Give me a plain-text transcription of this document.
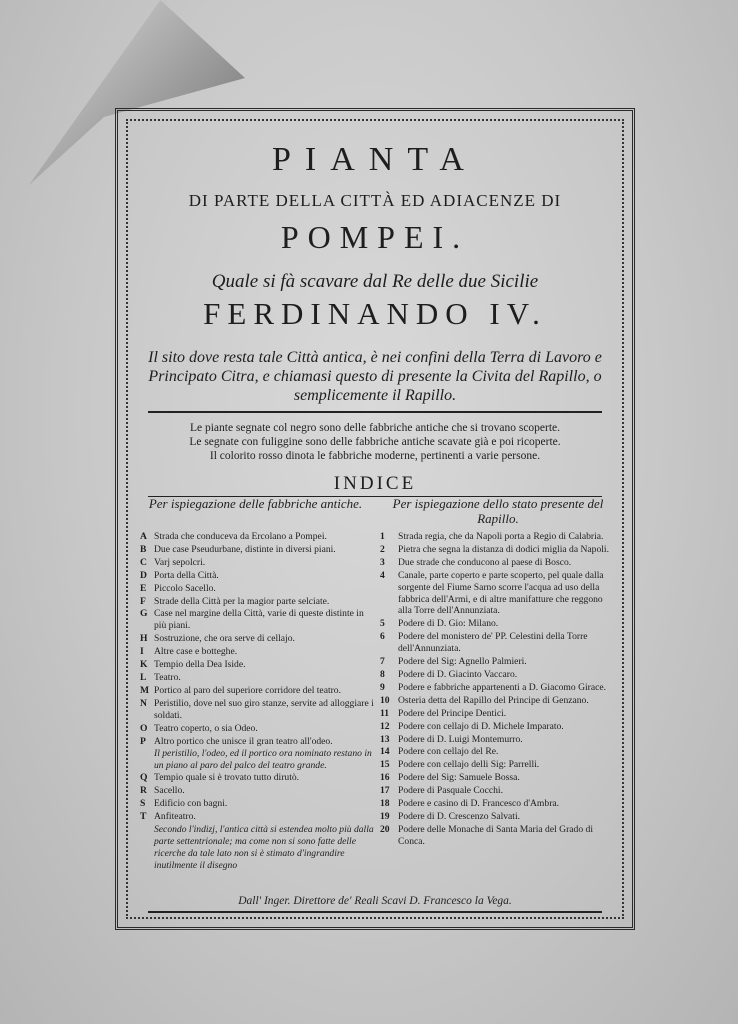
PIANTA
DI PARTE DELLA CITTÀ ED ADIACENZE DI
POMPEI.
Quale si fà scavare dal Re delle due Sicilie
FERDINANDO IV.
Il sito dove resta tale Città antica, è nei confini della Terra di Lavoro e Principato Citra, e chiamasi questo di presente la Civita del Rapillo, o semplicemente il Rapillo.
Le piante segnate col negro sono delle fabbriche antiche che si trovano scoperte.
Le segnate con fuliggine sono delle fabbriche antiche scavate già e poi ricoperte.
Il colorito rosso dinota le fabbriche moderne, pertinenti a varie persone.
INDICE
Per ispiegazione delle fabbriche antiche.	Per ispiegazione dello stato presente del Rapillo.
A Strada che conduceva da Ercolano a Pompei.
B Due case Pseudurbane, distinte in diversi piani.
C Varj sepolcri.
D Porta della Città.
E Piccolo Sacello.
F Strade della Città per la magior parte selciate.
G Case nel margine della Città, varie di queste distinte in più piani.
H Sostruzione, che ora serve di cellajo.
I Altre case e botteghe.
K Tempio della Dea Iside.
L Teatro.
M Portico al paro del superiore corridore del teatro.
N Peristilio, dove nel suo giro stanze, servite ad alloggiare i soldati.
O Teatro coperto, o sia Odeo.
P Altro portico che unisce il gran teatro all'odeo.
Il peristilio, l'odeo, ed il portico ora nominato restano in un piano al paro del palco del teatro grande.
Q Tempio quale si è trovato tutto dirutò.
R Sacello.
S Edificio con bagni.
T Anfiteatro.
Secondo l'indizj, l'antica città si estendea molto più dalla parte settentrionale; ma come non si sono fatte delle ricerche da tale lato non si è stimato d'ingrandire inutilmente il disegno
1 Strada regia, che da Napoli porta a Regio di Calabria.
2 Pietra che segna la distanza di dodici miglia da Napoli.
3 Due strade che conducono al paese di Bosco.
4 Canale, parte coperto e parte scoperto, pel quale dalla sorgente del Fiume Sarno scorre l'acqua ad uso della fabbrica dell'Armi, e di altre manifatture che reggono alla Torre dell'Annunziata.
5 Podere di D. Gio: Milano.
6 Podere del monistero de' PP. Celestini della Torre dell'Annunziata.
7 Podere del Sig: Agnello Palmieri.
8 Podere di D. Giacinto Vaccaro.
9 Podere e fabbriche appartenenti a D. Giacomo Girace.
10 Osteria detta del Rapillo del Principe di Genzano.
11 Podere del Principe Dentici.
12 Podere con cellajo di D. Michele Imparato.
13 Podere di D. Luigi Montemurro.
14 Podere con cellajo del Re.
15 Podere con cellajo delli Sig: Parrelli.
16 Podere del Sig: Samuele Bossa.
17 Podere di Pasquale Cocchi.
18 Podere e casino di D. Francesco d'Ambra.
19 Podere di D. Crescenzo Salvati.
20 Podere delle Monache di Santa Maria del Grado di Conca.
Dall' Inger. Direttore de' Reali Scavi D. Francesco la Vega.
